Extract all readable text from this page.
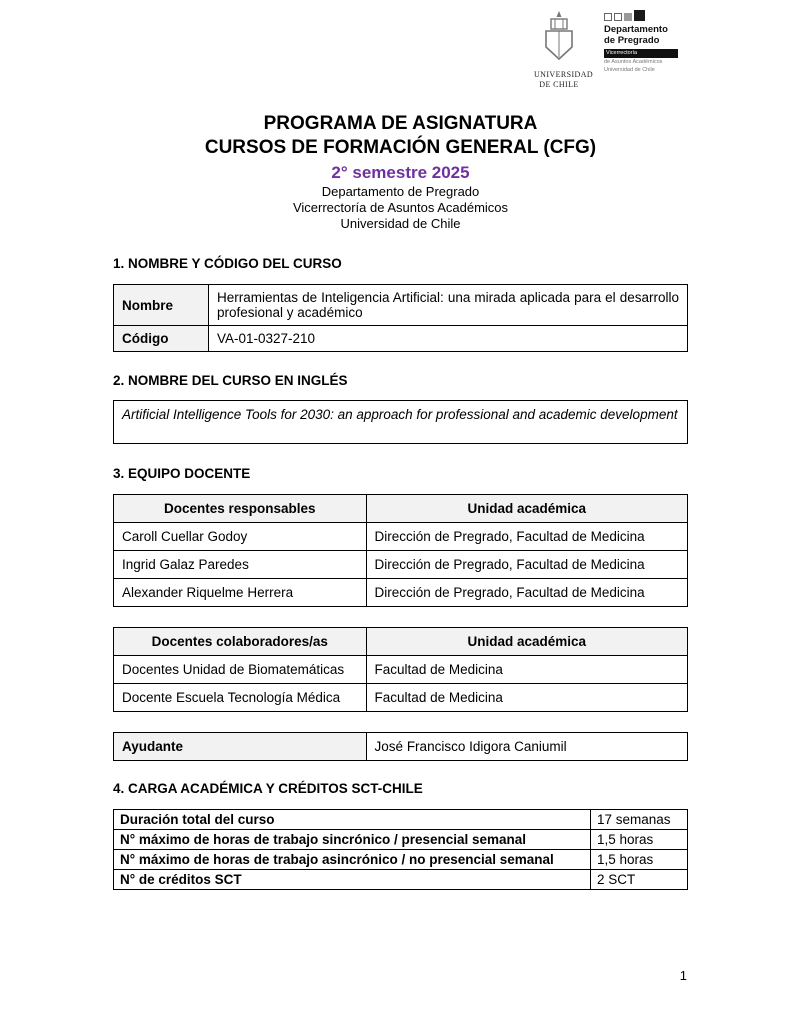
UNIVERSIDAD
DE CHILE
Departamento
de Pregrado
Vicerrectoría
de Asuntos Académicos
Universidad de Chile
PROGRAMA DE ASIGNATURA
CURSOS DE FORMACIÓN GENERAL (CFG)
2° semestre 2025
Departamento de Pregrado
Vicerrectoría de Asuntos Académicos
Universidad de Chile
1. NOMBRE Y CÓDIGO DEL CURSO
Nombre	Herramientas de Inteligencia Artificial: una mirada aplicada para el desarrollo profesional y académico
Código	VA-01-0327-210
2. NOMBRE DEL CURSO EN INGLÉS
Artificial Intelligence Tools for 2030: an approach for professional and academic development
3. EQUIPO DOCENTE
Docentes responsables	Unidad académica
Caroll Cuellar Godoy	Dirección de Pregrado, Facultad de Medicina
Ingrid Galaz Paredes	Dirección de Pregrado, Facultad de Medicina
Alexander Riquelme Herrera	Dirección de Pregrado, Facultad de Medicina
Docentes colaboradores/as	Unidad académica
Docentes Unidad de Biomatemáticas	Facultad de Medicina
Docente Escuela Tecnología Médica	Facultad de Medicina
Ayudante	José Francisco Idigora Caniumil
4. CARGA ACADÉMICA Y CRÉDITOS SCT-CHILE
Duración total del curso	17 semanas
N° máximo de horas de trabajo sincrónico / presencial semanal	1,5 horas
N° máximo de horas de trabajo asincrónico / no presencial semanal	1,5 horas
N° de créditos SCT	2 SCT
1
